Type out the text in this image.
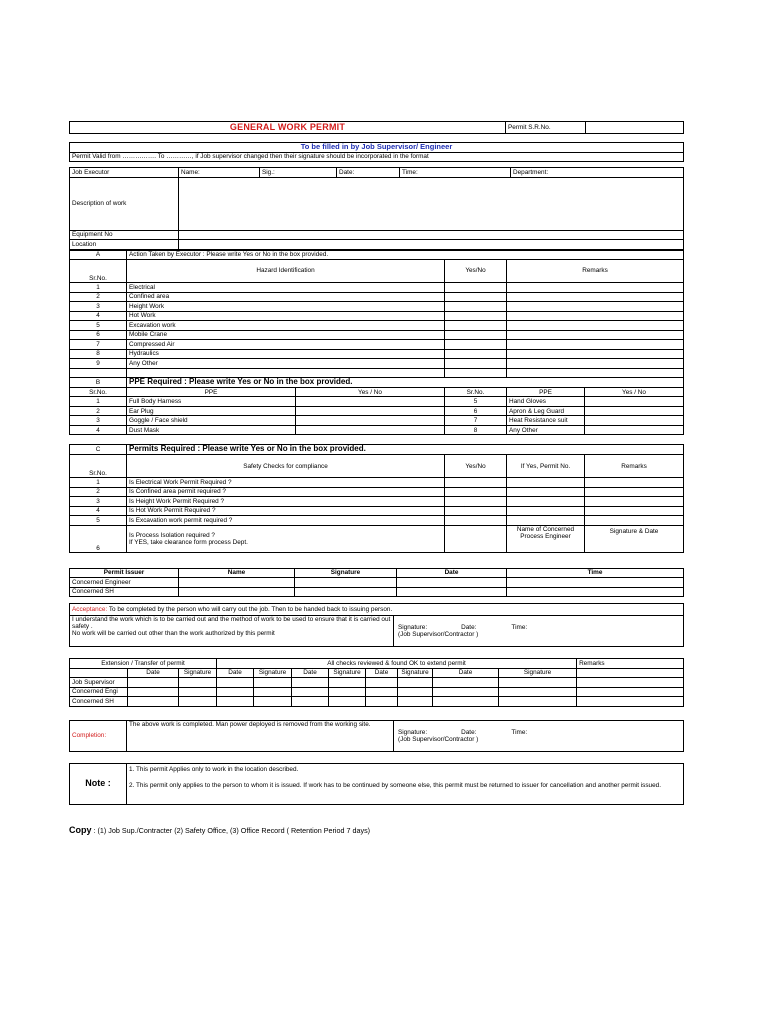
GENERAL WORK PERMIT	Permit S.R.No.	
To be filled in by Job Supervisor/ Engineer					
Permit Valid from ……………. To …………, if Job supervisor changed then their signature should be incorporated in the format					

Job Executor	Name:	Sig.:	Date:	Time:	Department:
Description of work					
Equipment No					
Location					
A	Action Taken by Executor : Please write Yes or No in the box provided.		
Sr.No.	Hazard Identification	Yes/No	Remarks
1	Electrical		
2	Confined area		
3	Height Work		
4	Hot Work		
5	Excavation work		
6	Mobile Crane		
7	Compressed Air		
8	Hydraulics		
9	Any Other		

B	PPE Required : Please write Yes or No in the box provided.				
Sr.No.	PPE	Yes / No	Sr.No.	PPE	Yes / No
1	Full Body Harness		5	Hand Gloves	
2	Ear Plug		6	Apron & Leg Guard	
3	Goggle / Face shield		7	Heat Resistance suit	
4	Dust Mask		8	Any Other	
C	Permits Required : Please write Yes or No in the box provided.			
Sr.No.	Safety Checks for compliance	Yes/No	If Yes, Permit No.	Remarks
1	Is Electrical Work Permit Required ?			
2	Is Confined area permit required ?			
3	Is Height Work Permit Required ?			
4	Is Hot Work Permit Required ?			
5	Is Excavation work permit required ?			
6	Is Process Isolation required ?
If YES, take clearance form process Dept.		Name of Concerned Process Engineer	Signature & Date
Permit Issuer	Name	Signature	Date	Time
Concerned Engineer				
Concerned SH				
Acceptance: To be completed by the person who will carry out the job. Then to be handed back to issuing person.

I understand the work which is to be carried out and the method of work to be used to ensure that it is carried out safety .
No work will be carried out other than the work authorized by this permit

Signature:	Date:	Time:
(Job Supervisor/Contractor )
Extension / Transfer of permit			All checks reviewed & found OK to extend permit								Remarks
	Date	Signature	Date	Signature	Date	Signature	Date	Signature	Date	Signature	
Job Supervisor											
Concerned Engi											
Concerned SH											
Completion:	The above work is completed. Man power deployed is removed from the working site.	
Signature:	Date:	Time:
(Job Supervisor/Contractor )
Note :	
1. This permit Applies only to work in the location described.
2. This permit only applies to the person to whom it is issued. If work has to be continued by someone else, this permit must be returned to issuer for cancellation and another permit issued.
Copy : (1) Job Sup./Contracter (2) Safety Office, (3) Office Record ( Retention Period 7 days)
